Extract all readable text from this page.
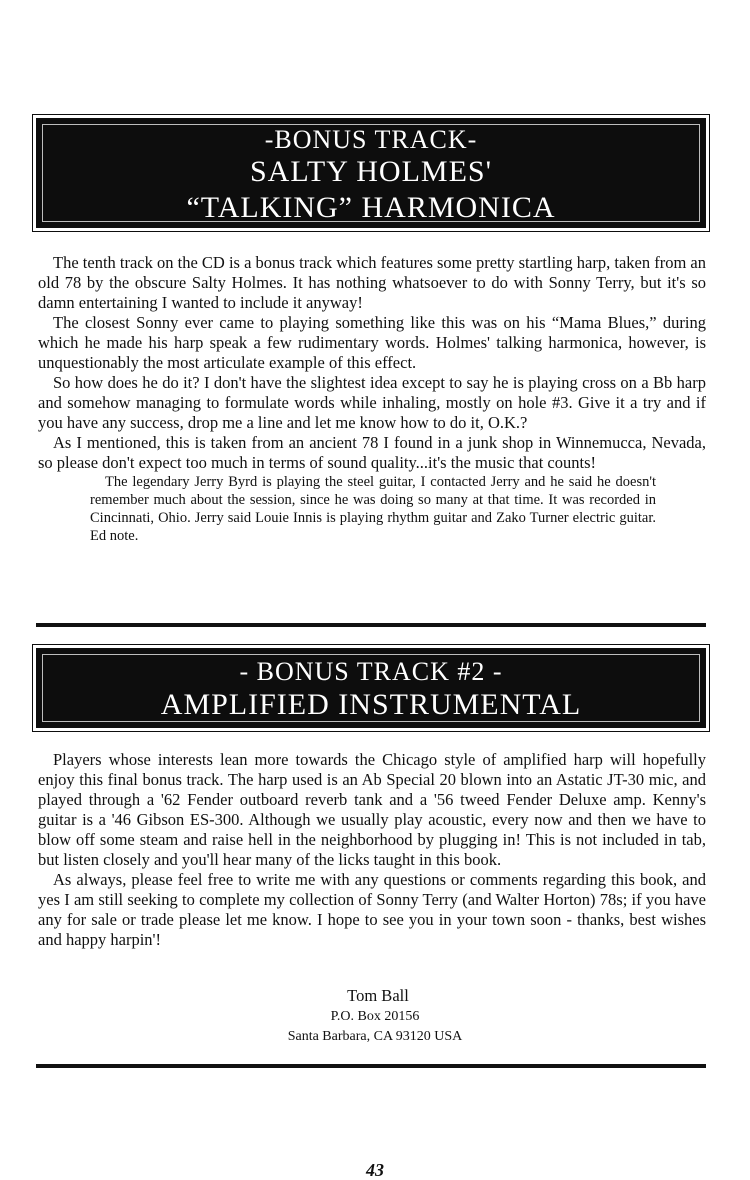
-BONUS TRACK-
SALTY HOLMES'
“TALKING” HARMONICA

The tenth track on the CD is a bonus track which features some pretty startling harp, taken from an old 78 by the obscure Salty Holmes. It has nothing whatsoever to do with Sonny Terry, but it's so damn entertaining I wanted to include it anyway!

The closest Sonny ever came to playing something like this was on his “Mama Blues,” during which he made his harp speak a few rudimentary words. Holmes' talking harmonica, however, is unquestionably the most articulate example of this effect.

So how does he do it? I don't have the slightest idea except to say he is playing cross on a Bb harp and somehow managing to formulate words while inhaling, mostly on hole #3. Give it a try and if you have any success, drop me a line and let me know how to do it, O.K.?

As I mentioned, this is taken from an ancient 78 I found in a junk shop in Winnemucca, Nevada, so please don't expect too much in terms of sound quality...it's the music that counts!

The legendary Jerry Byrd is playing the steel guitar, I contacted Jerry and he said he doesn't remember much about the session, since he was doing so many at that time. It was recorded in Cincinnati, Ohio. Jerry said Louie Innis is playing rhythm guitar and Zako Turner electric guitar. Ed note.

- BONUS TRACK #2 -
AMPLIFIED INSTRUMENTAL

Players whose interests lean more towards the Chicago style of amplified harp will hopefully enjoy this final bonus track. The harp used is an Ab Special 20 blown into an Astatic JT-30 mic, and played through a '62 Fender outboard reverb tank and a '56 tweed Fender Deluxe amp. Kenny's guitar is a '46 Gibson ES-300. Although we usually play acoustic, every now and then we have to blow off some steam and raise hell in the neighborhood by plugging in! This is not included in tab, but listen closely and you'll hear many of the licks taught in this book.

As always, please feel free to write me with any questions or comments regarding this book, and yes I am still seeking to complete my collection of Sonny Terry (and Walter Horton) 78s; if you have any for sale or trade please let me know. I hope to see you in your town soon - thanks, best wishes and happy harpin'!

Tom Ball
P.O. Box 20156
Santa Barbara, CA 93120 USA
43
